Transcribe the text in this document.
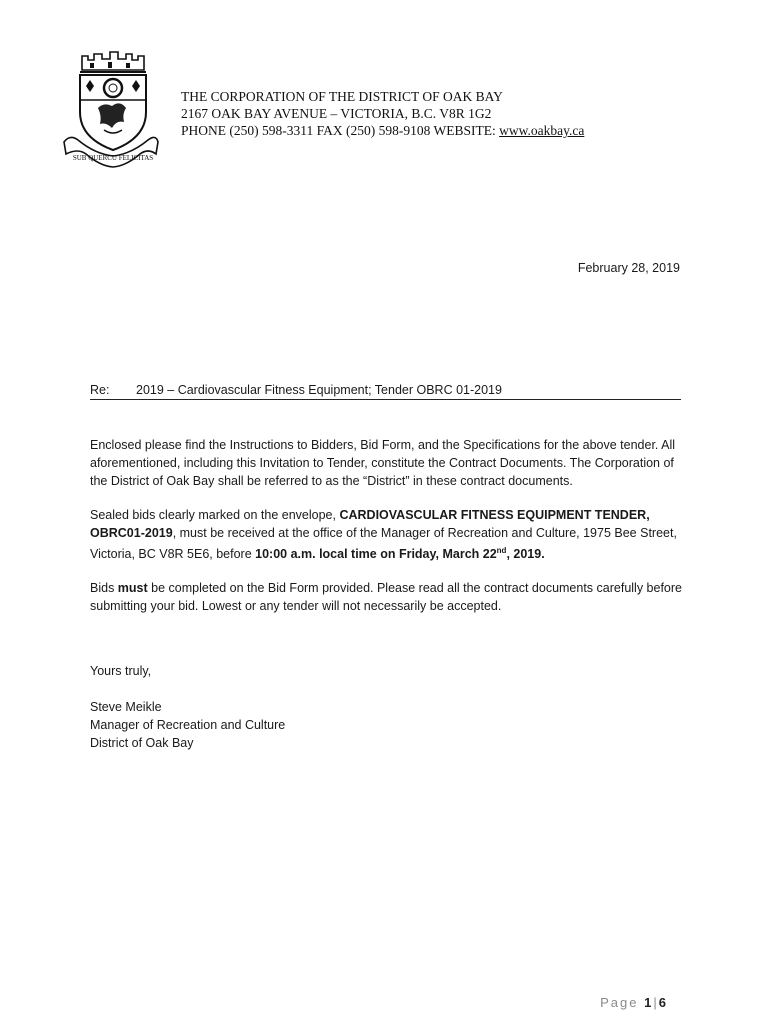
SUB QUERCU FELICITAS
THE CORPORATION OF THE DISTRICT OF OAK BAY
2167 OAK BAY AVENUE – VICTORIA, B.C. V8R 1G2
PHONE (250) 598-3311 FAX (250) 598-9108 WEBSITE: www.oakbay.ca
February 28, 2019
Re: 2019 – Cardiovascular Fitness Equipment; Tender OBRC 01-2019

Enclosed please find the Instructions to Bidders, Bid Form, and the Specifications for the above tender. All aforementioned, including this Invitation to Tender, constitute the Contract Documents. The Corporation of the District of Oak Bay shall be referred to as the “District” in these contract documents.

Sealed bids clearly marked on the envelope, CARDIOVASCULAR FITNESS EQUIPMENT TENDER, OBRC01-2019, must be received at the office of the Manager of Recreation and Culture, 1975 Bee Street, Victoria, BC V8R 5E6, before 10:00 a.m. local time on Friday, March 22nd, 2019.

Bids must be completed on the Bid Form provided. Please read all the contract documents carefully before submitting your bid. Lowest or any tender will not necessarily be accepted.

Yours truly,
Steve Meikle
Manager of Recreation and Culture
District of Oak Bay
Page 1 | 6
